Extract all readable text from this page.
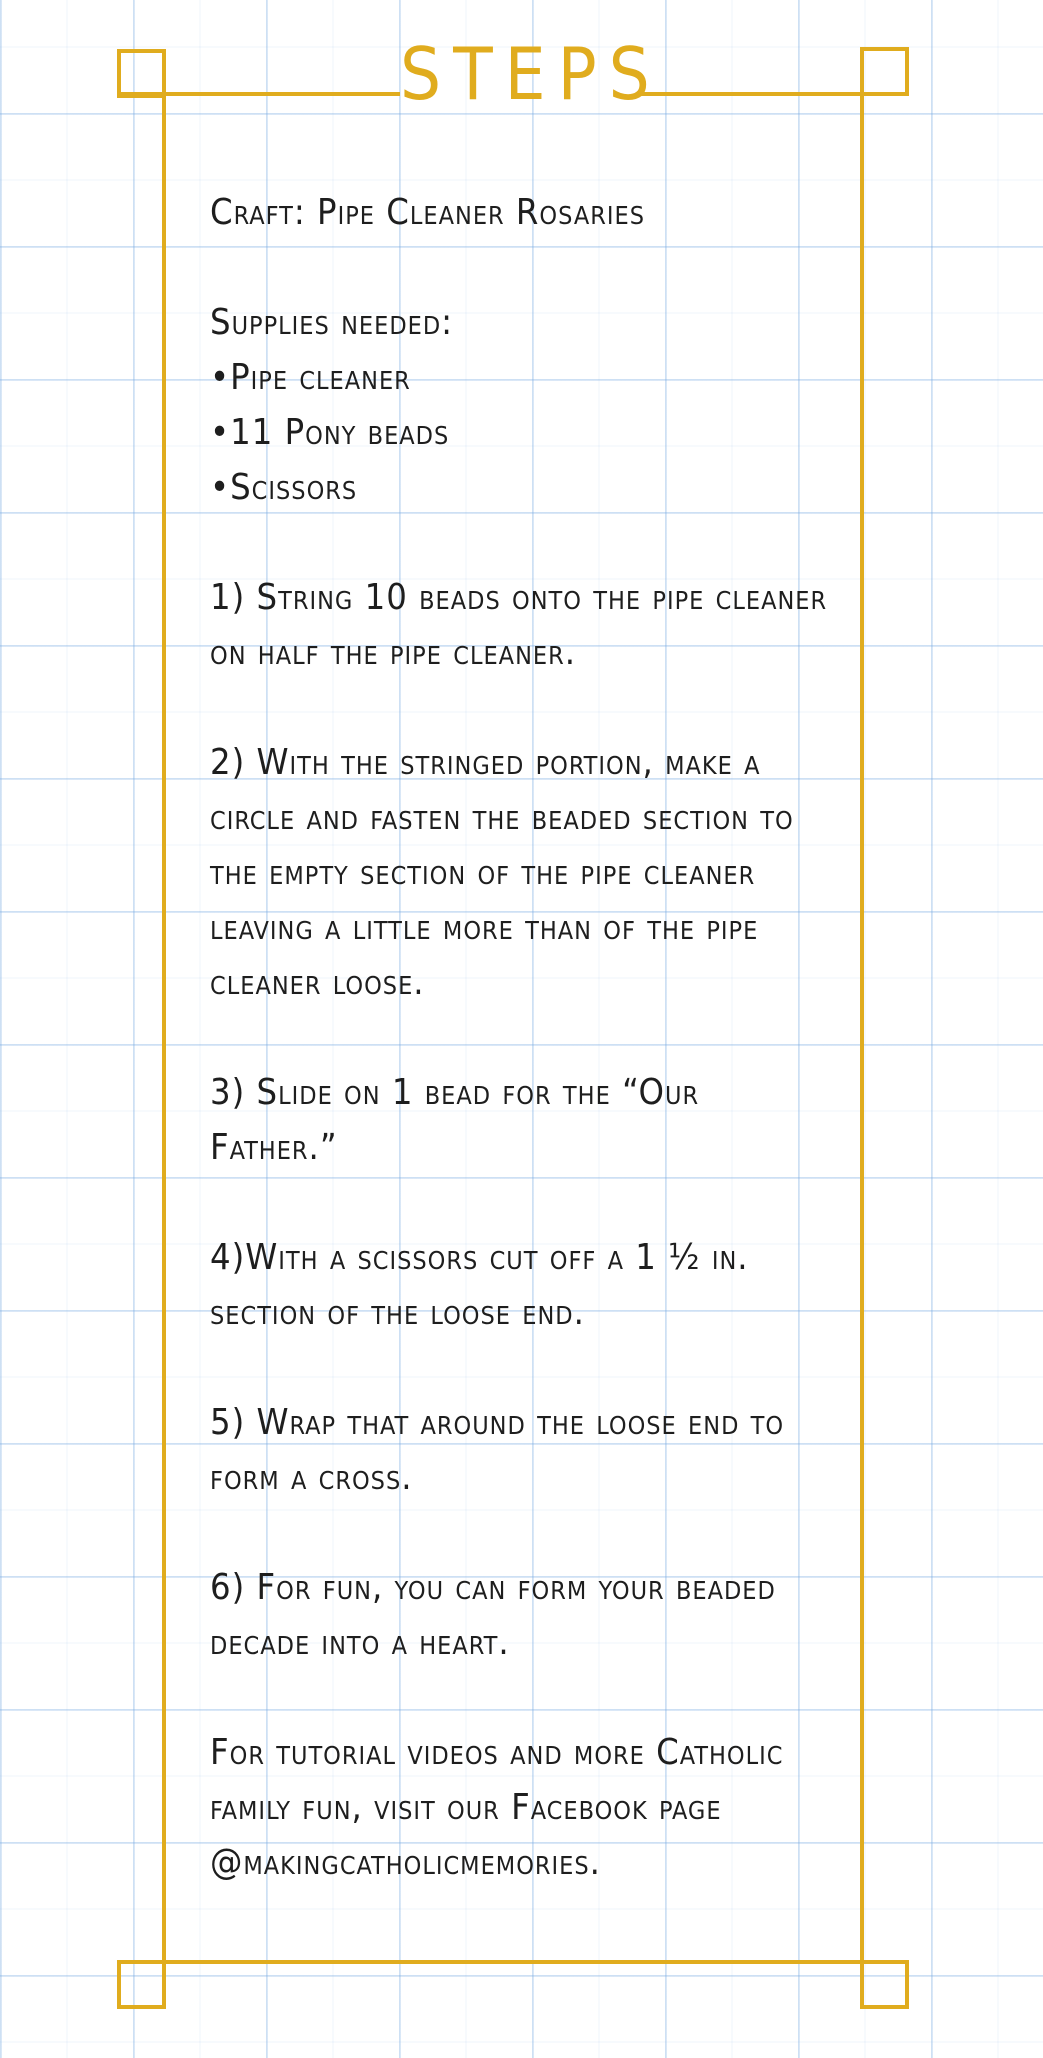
STEPS

Craft: Pipe Cleaner Rosaries

Supplies needed:

• Pipe cleaner
• 11 Pony beads
• Scissors

1) String 10 beads onto the pipe cleaner on half the pipe cleaner.

2) With the stringed portion, make a circle and fasten the beaded section to the empty section of the pipe cleaner leaving a little more than of the pipe cleaner loose.

3) Slide on 1 bead for the “Our Father.”

4)With a scissors cut off a 1 ½ in. section of the loose end.

5) Wrap that around the loose end to form a cross.

6) For fun, you can form your beaded decade into a heart.

For tutorial videos and more Catholic family fun, visit our Facebook page @makingcatholicmemories.
